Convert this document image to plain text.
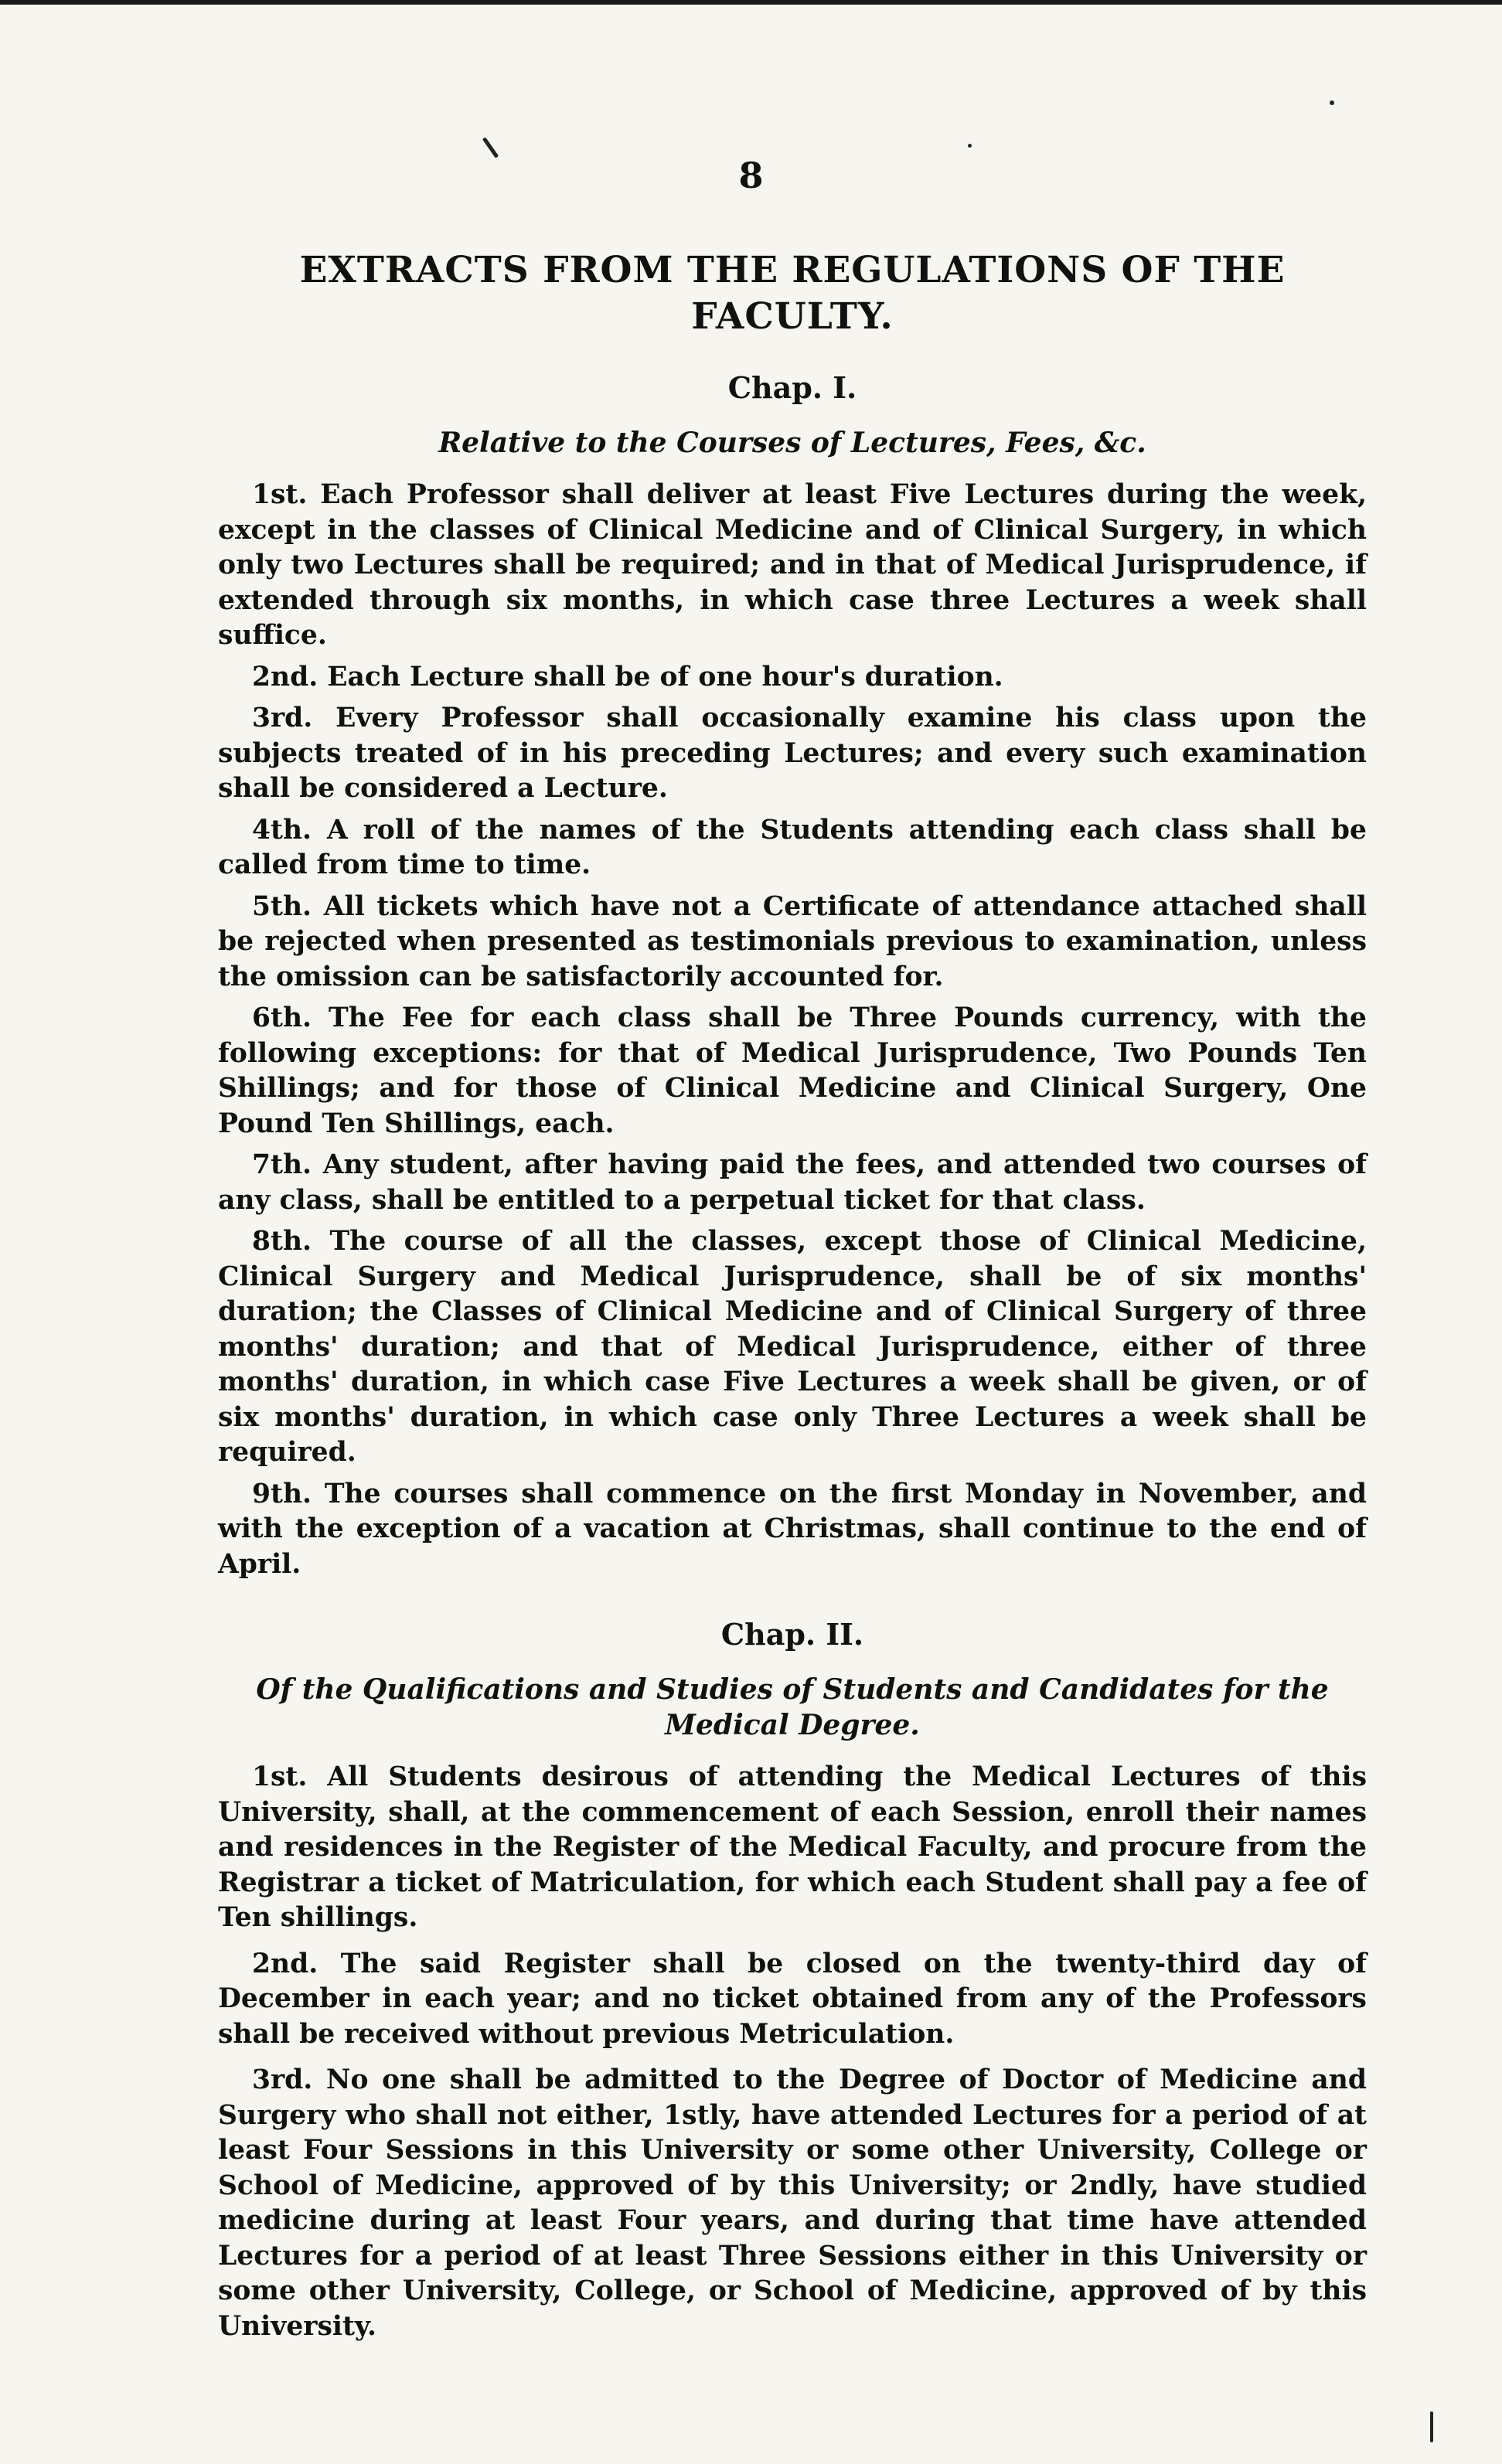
8
EXTRACTS FROM THE REGULATIONS OF THE FACULTY.
Chap. I.
Relative to the Courses of Lectures, Fees, &c.

1st. Each Professor shall deliver at least Five Lectures during the week, except in the classes of Clinical Medicine and of Clinical Surgery, in which only two Lectures shall be required; and in that of Medical Jurisprudence, if extended through six months, in which case three Lectures a week shall suffice.

2nd. Each Lecture shall be of one hour's duration.

3rd. Every Professor shall occasionally examine his class upon the subjects treated of in his preceding Lectures; and every such examination shall be considered a Lecture.

4th. A roll of the names of the Students attending each class shall be called from time to time.

5th. All tickets which have not a Certificate of attendance attached shall be rejected when presented as testimonials previous to examination, unless the omission can be satisfactorily accounted for.

6th. The Fee for each class shall be Three Pounds currency, with the following exceptions: for that of Medical Jurisprudence, Two Pounds Ten Shillings; and for those of Clinical Medicine and Clinical Surgery, One Pound Ten Shillings, each.

7th. Any student, after having paid the fees, and attended two courses of any class, shall be entitled to a perpetual ticket for that class.

8th. The course of all the classes, except those of Clinical Medicine, Clinical Surgery and Medical Jurisprudence, shall be of six months' duration; the Classes of Clinical Medicine and of Clinical Surgery of three months' duration; and that of Medical Jurisprudence, either of three months' duration, in which case Five Lectures a week shall be given, or of six months' duration, in which case only Three Lectures a week shall be required.

9th. The courses shall commence on the first Monday in November, and with the exception of a vacation at Christmas, shall continue to the end of April.

Chap. II.
Of the Qualifications and Studies of Students and Candidates for the Medical Degree.

1st. All Students desirous of attending the Medical Lectures of this University, shall, at the commencement of each Session, enroll their names and residences in the Register of the Medical Faculty, and procure from the Registrar a ticket of Matriculation, for which each Student shall pay a fee of Ten shillings.

2nd. The said Register shall be closed on the twenty-third day of December in each year; and no ticket obtained from any of the Professors shall be received without previous Metriculation.

3rd. No one shall be admitted to the Degree of Doctor of Medicine and Surgery who shall not either, 1stly, have attended Lectures for a period of at least Four Sessions in this University or some other University, College or School of Medicine, approved of by this University; or 2ndly, have studied medicine during at least Four years, and during that time have attended Lectures for a period of at least Three Sessions either in this University or some other University, College, or School of Medicine, approved of by this University.
